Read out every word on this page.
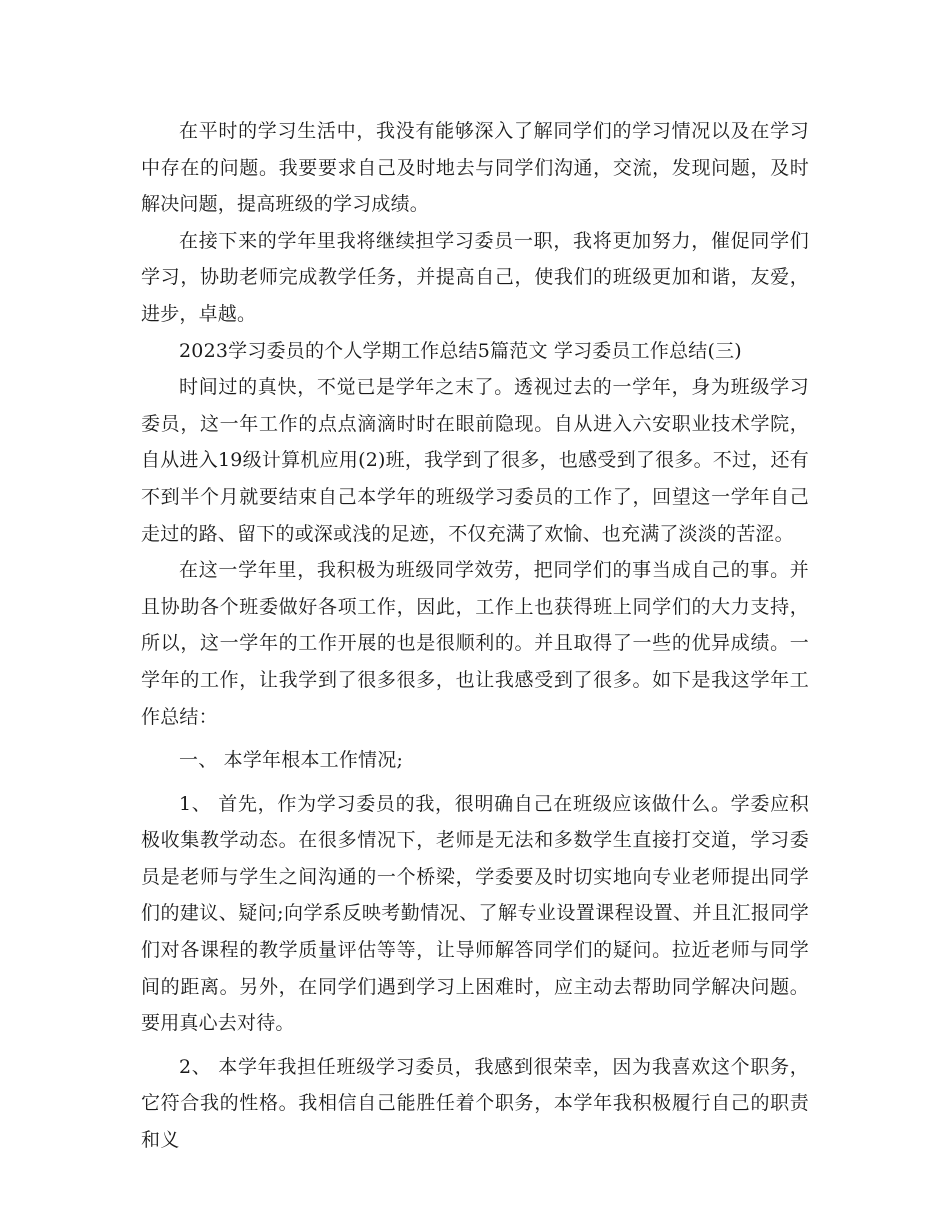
在平时的学习生活中，我没有能够深入了解同学们的学习情况以及在学习中存在的问题。我要要求自己及时地去与同学们沟通，交流，发现问题，及时解决问题，提高班级的学习成绩。

在接下来的学年里我将继续担学习委员一职，我将更加努力，催促同学们学习，协助老师完成教学任务，并提高自己，使我们的班级更加和谐，友爱，进步，卓越。

2023学习委员的个人学期工作总结5篇范文 学习委员工作总结(三)

时间过的真快，不觉已是学年之末了。透视过去的一学年，身为班级学习委员，这一年工作的点点滴滴时时在眼前隐现。自从进入六安职业技术学院，自从进入19级计算机应用(2)班，我学到了很多，也感受到了很多。不过，还有不到半个月就要结束自己本学年的班级学习委员的工作了，回望这一学年自己走过的路、留下的或深或浅的足迹，不仅充满了欢愉、也充满了淡淡的苦涩。

在这一学年里，我积极为班级同学效劳，把同学们的事当成自己的事。并且协助各个班委做好各项工作，因此，工作上也获得班上同学们的大力支持，所以，这一学年的工作开展的也是很顺利的。并且取得了一些的优异成绩。一学年的工作，让我学到了很多很多，也让我感受到了很多。如下是我这学年工作总结：

一、 本学年根本工作情况;

1、 首先，作为学习委员的我，很明确自己在班级应该做什么。学委应积极收集教学动态。在很多情况下，老师是无法和多数学生直接打交道，学习委员是老师与学生之间沟通的一个桥梁，学委要及时切实地向专业老师提出同学们的建议、疑问;向学系反映考勤情况、了解专业设置课程设置、并且汇报同学们对各课程的教学质量评估等等，让导师解答同学们的疑问。拉近老师与同学间的距离。另外，在同学们遇到学习上困难时，应主动去帮助同学解决问题。要用真心去对待。

2、 本学年我担任班级学习委员，我感到很荣幸，因为我喜欢这个职务，它符合我的性格。我相信自己能胜任着个职务，本学年我积极履行自己的职责和义
